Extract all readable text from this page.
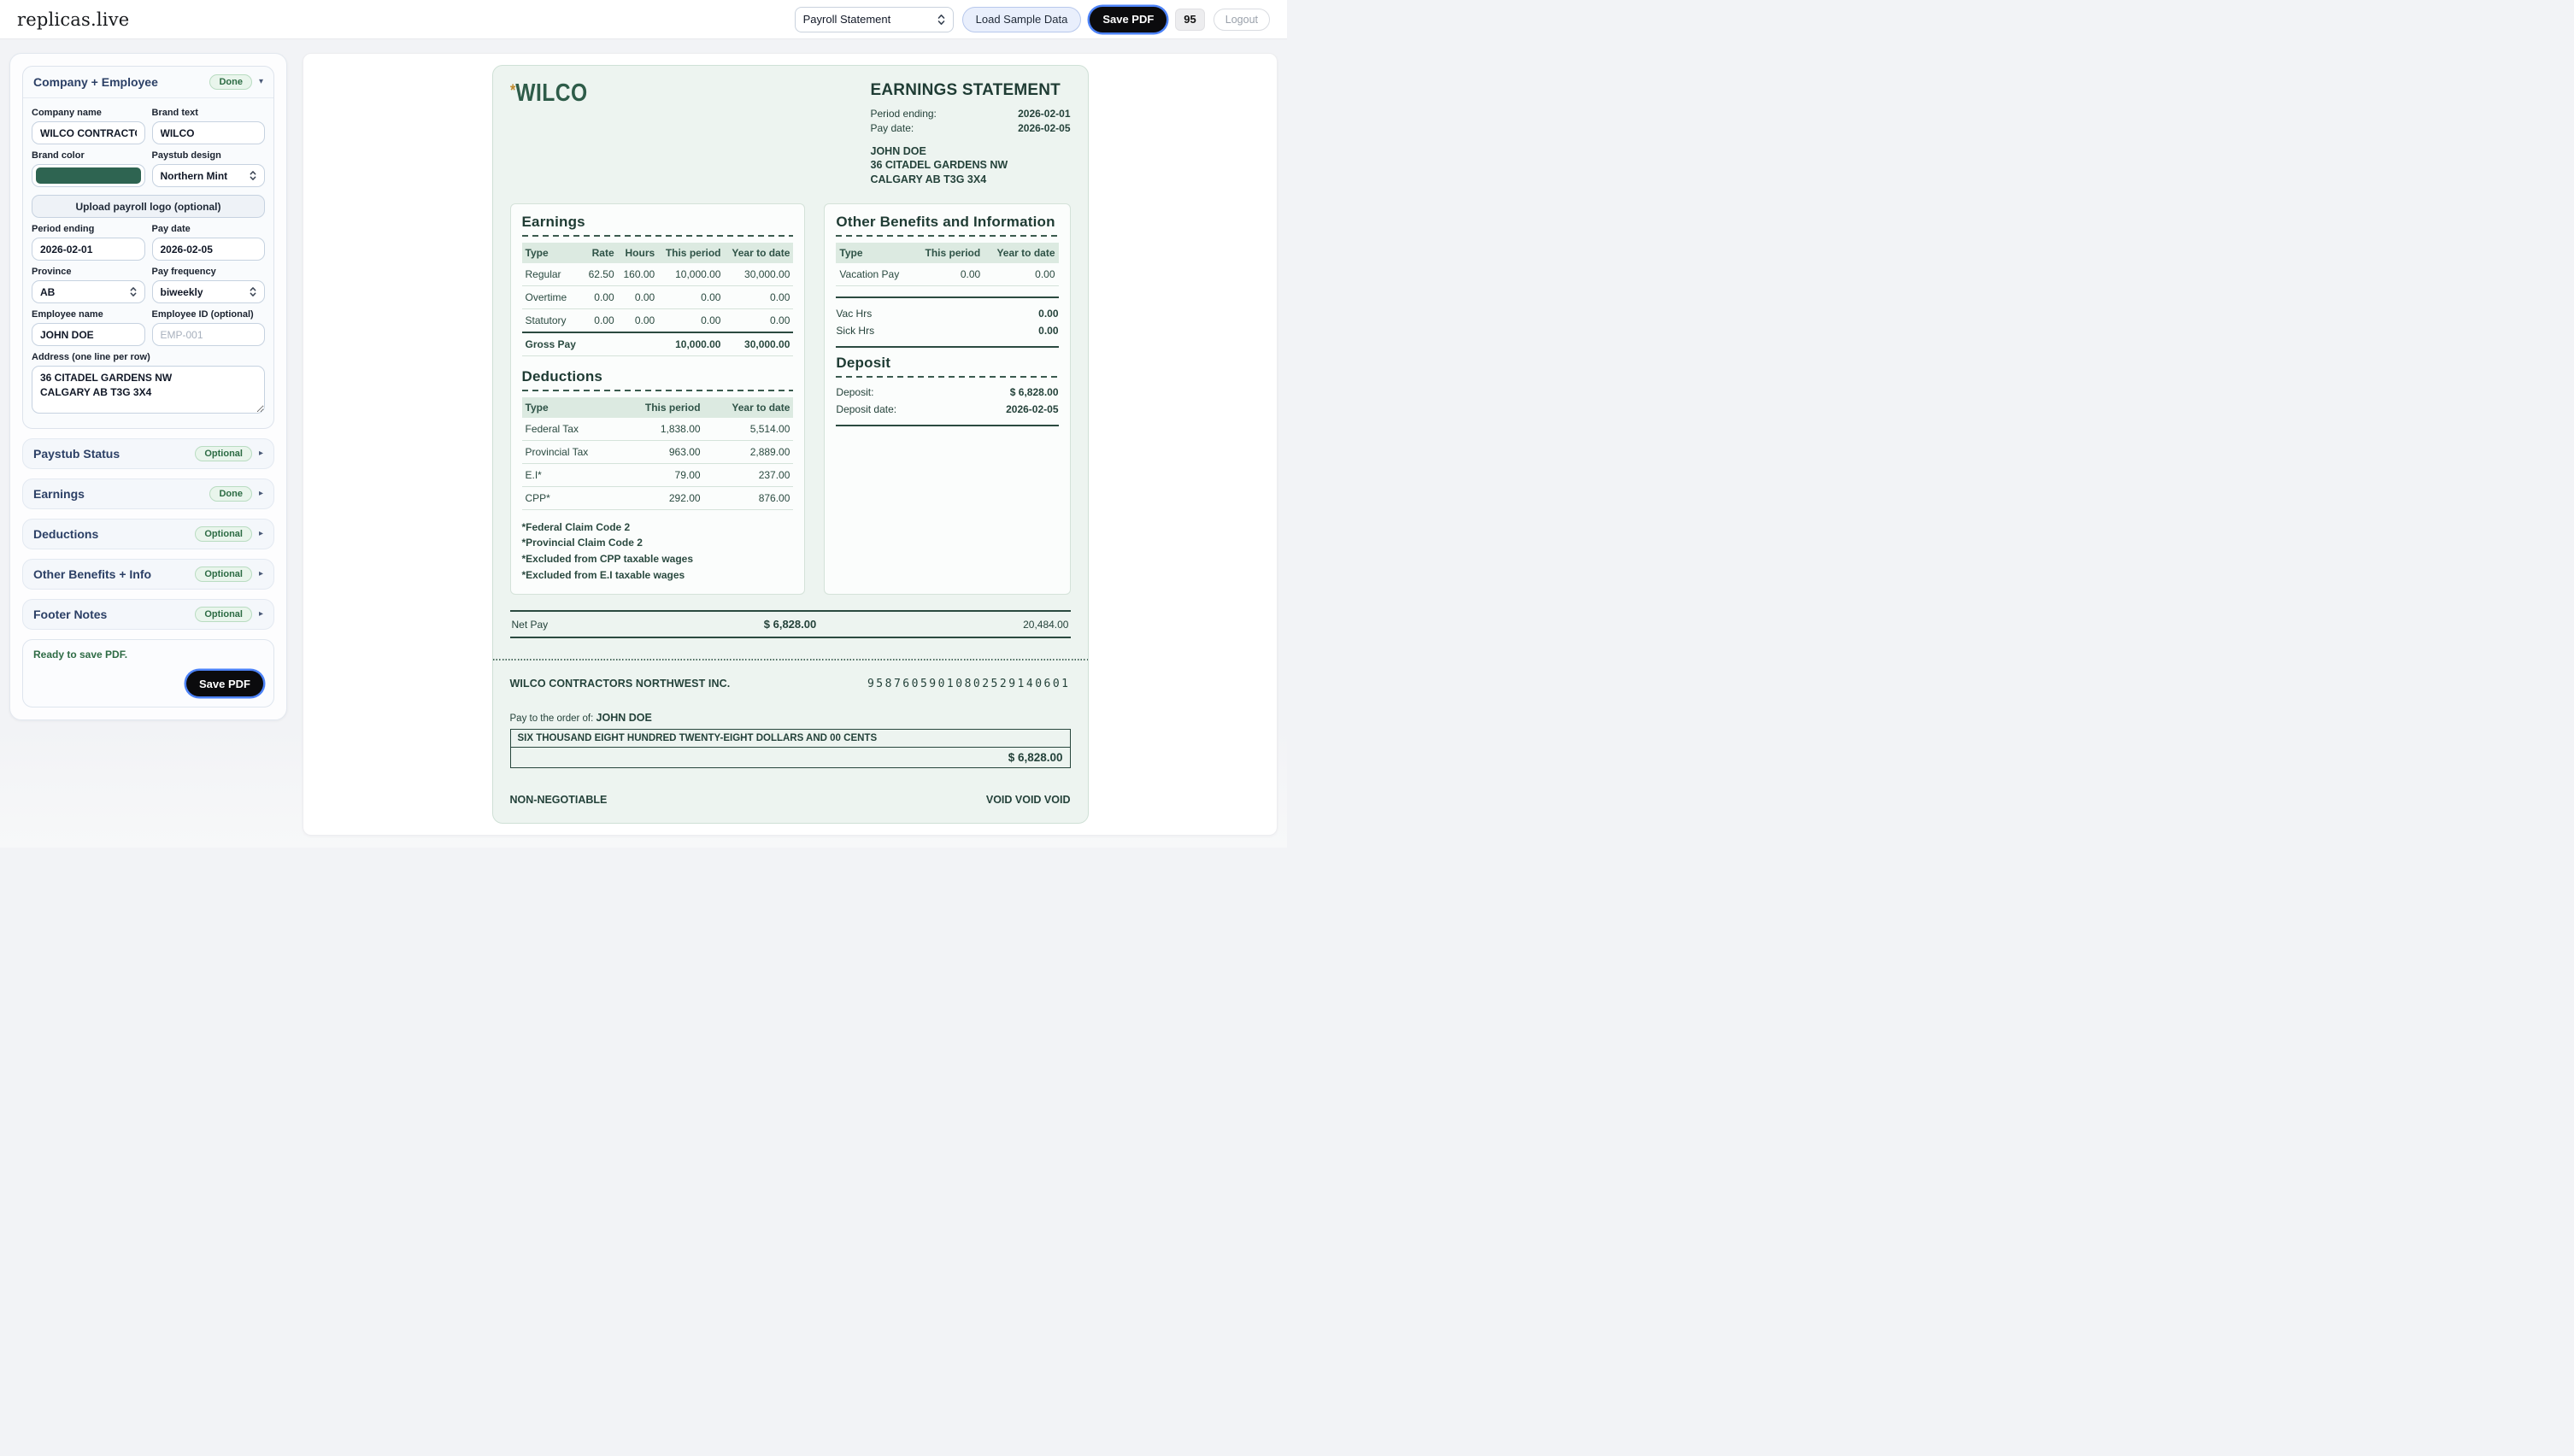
replicas.live	Payroll Statement	Load Sample Data	Save PDF	95	Logout
Company + Employee	Done	▾
Company name
WILCO CONTRACTORS NO	Brand text
WILCO
Brand color	Paystub design
Northern Mint
Upload payroll logo (optional)
Period ending
2026-02-01	Pay date
2026-02-05
Province
AB
Pay frequency
biweekly
Employee name
JOHN DOE	Employee ID (optional)
EMP-001
Address (one line per row)
36 CITADEL GARDENS NW CALGARY AB T3G 3X4
Paystub Status	Optional	▸
Earnings	Done	▸
Deductions	Optional	▸
Other Benefits + Info	Optional	▸
Footer Notes	Optional	▸
Ready to save PDF.
Save PDF
* WILCO	EARNINGS STATEMENT
Period ending:	2026-02-01
Pay date:	2026-02-05
JOHN DOE
36 CITADEL GARDENS NW
CALGARY AB T3G 3X4
Earnings
Type	Rate	Hours	This period	Year to date
Regular	62.50	160.00	10,000.00	30,000.00
Overtime	0.00	0.00	0.00	0.00
Statutory	0.00	0.00	0.00	0.00
Gross Pay			10,000.00	30,000.00
Deductions
Type	This period	Year to date
Federal Tax	1,838.00	5,514.00
Provincial Tax	963.00	2,889.00
E.I*	79.00	237.00
CPP*	292.00	876.00
*Federal Claim Code 2
*Provincial Claim Code 2
*Excluded from CPP taxable wages
*Excluded from E.I taxable wages
Other Benefits and Information
Type	This period	Year to date
Vacation Pay	0.00	0.00
Vac Hrs	0.00
Sick Hrs	0.00
Deposit
Deposit:	$ 6,828.00
Deposit date:	2026-02-05
Net Pay	$ 6,828.00	20,484.00
WILCO CONTRACTORS NORTHWEST INC.	95876059010802529140601
Pay to the order of: JOHN DOE
SIX THOUSAND EIGHT HUNDRED TWENTY-EIGHT DOLLARS AND 00 CENTS
$ 6,828.00
NON-NEGOTIABLE	VOID VOID VOID
